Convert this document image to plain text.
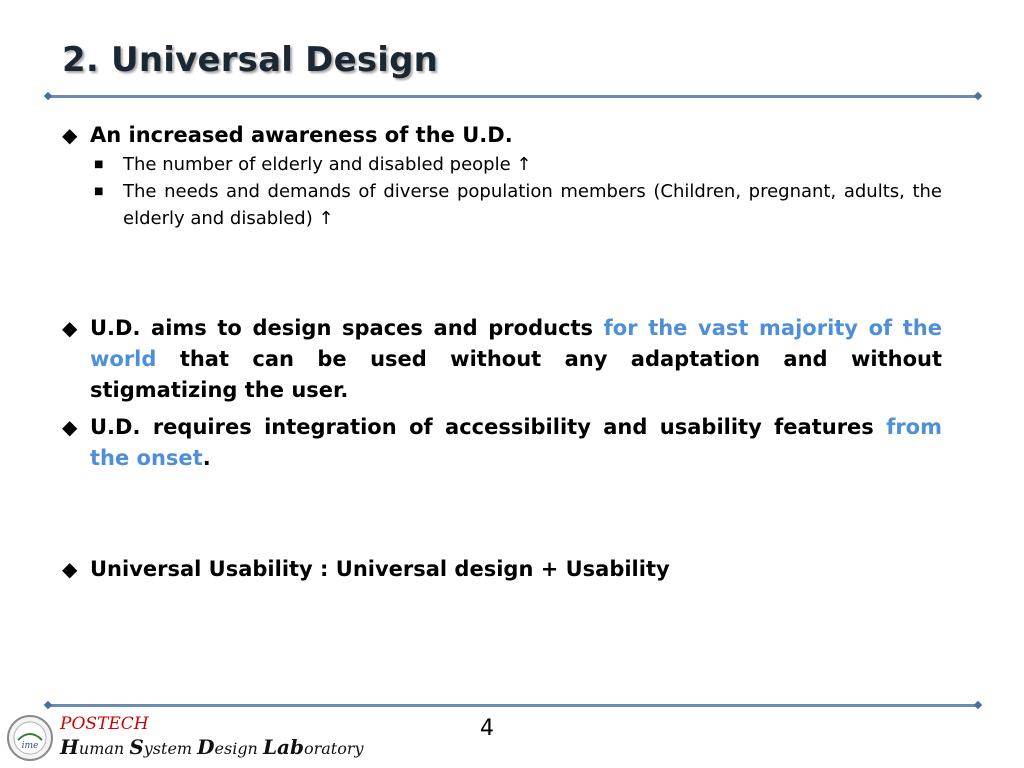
2. Universal Design
◆ An increased awareness of the U.D.
■	The number of elderly and disabled people ↑
■	The needs and demands of diverse population members (Children, pregnant, adults, the elderly and disabled) ↑
◆ U.D. aims to design spaces and products for the vast majority of the world that can be used without any adaptation and without stigmatizing the user.
◆ U.D. requires integration of accessibility and usability features from the onset.
◆ Universal Usability : Universal design + Usability
ime
POSTECH
Human System Design Laboratory
4
